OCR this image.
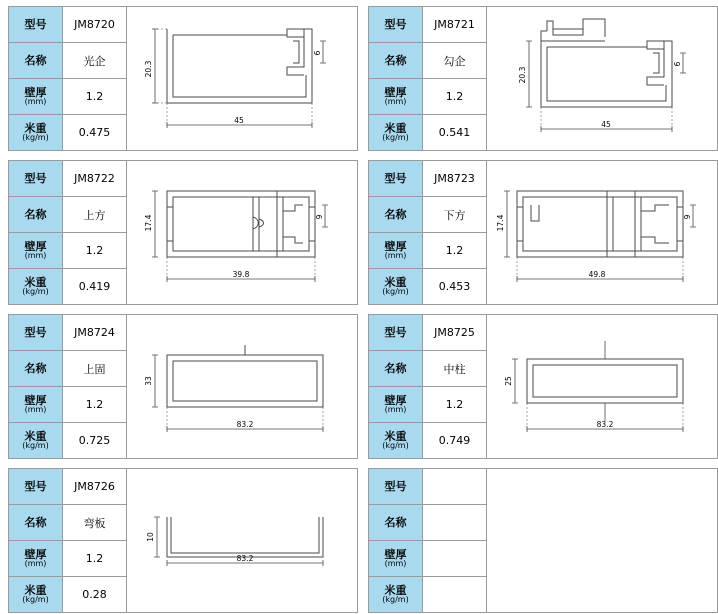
型号	JM8720
名称	光企
壁厚
(mm)	1.2
米重
(kg/m)	0.475
20.3
45
6
型号	JM8721
名称	勾企
壁厚
(mm)	1.2
米重
(kg/m)	0.541
20.3
45
6
型号	JM8722
名称	上方
壁厚
(mm)	1.2
米重
(kg/m)	0.419
17.4
39.8
9
型号	JM8723
名称	下方
壁厚
(mm)	1.2
米重
(kg/m)	0.453
17.4
49.8
9
型号	JM8724
名称	上固
壁厚
(mm)	1.2
米重
(kg/m)	0.725
33
83.2
型号	JM8725
名称	中柱
壁厚
(mm)	1.2
米重
(kg/m)	0.749
25
83.2
型号	JM8726
名称	弯板
壁厚
(mm)	1.2
米重
(kg/m)	0.28
10
83.2
型号
名称
壁厚
(mm)
米重
(kg/m)
